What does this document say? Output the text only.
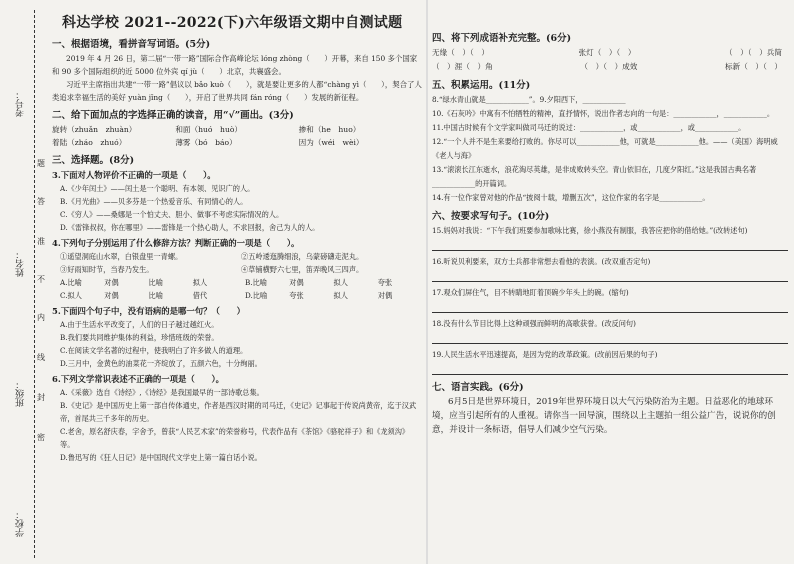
考号：
姓名：
班级：
学校：
题
答
准
不
内
线
封
密
科达学校 2021--2022(下)六年级语文期中自测试题
一、根据语境，看拼音写词语。(5分)

2019 年 4 月 26 日，第二届“一带一路”国际合作高峰论坛 lóng zhòng（　　）开幕，来自 150 多个国家和 90 多个国际组织的近 5000 位外宾 qí jù（　　）北京，共襄盛会。

习近平主席指出共建“一带一路”倡议以 bǎo kuò（　　），就是要让更多的人都“chàng yì（　　），契合了人类追求幸福生活的美好 yuàn jǐng（　　），开启了世界共同 fán róng（　　）发展的新征程。

二、给下面加点的字选择正确的读音，用“√”画出。(3分)
旋转（zhuǎn　zhuàn）	和面（huó　huò）	掺和（he　huo）
着陆（zháo　zhuó）	薄雾（bó　báo）	因为（wéi　wèi）
三、选择题。(8分)
3.下面对人物评价不正确的一项是（　　）。

A.《少年闰土》——闰土是一个聪明、有本领、见识广的人。

B.《月光曲》——贝多芬是一个热爱音乐、有同情心的人。

C.《穷人》——桑娜是一个怕丈夫、胆小、做事不考虑实际情况的人。

D.《雷锋叔叔，你在哪里》——雷锋是一个热心助人，不求回报，舍己为人的人。

4.下列句子分别运用了什么修辞方法？判断正确的一项是（　　）。
①遥望洞庭山水翠，白银盘里一青螺。	②五岭逶迤腾细浪，乌蒙磅礴走泥丸。
③好雨知时节，当春乃发生。	④草铺横野六七里，笛弄晚风三四声。
A.比喻	对偶	比喻	拟人	B.比喻	对偶	拟人	夸张
C.拟人	对偶	比喻	借代	D.比喻	夸张	拟人	对偶
5.下面四个句子中，没有语病的是哪一句？（　　）

A.由于生活水平改变了，人们的日子越过越红火。

B.我们要共同维护集体的利益，珍惜班级的荣誉。

C.在阅读文学名著的过程中，使我明白了许多做人的道理。

D.三月中，金黄色的油菜花一齐绽放了，五颜六色，十分绚丽。

6.下列文学常识表述不正确的一项是（　　）。

A.《采薇》选自《诗经》,《诗经》是我国最早的一部诗歌总集。

B.《史记》是中国历史上第一部自传体通史，作者是西汉时期的司马迁，《史记》记事起于传说尚黄帝，迄于汉武帝，首尾共三千多年的历史。

C.老舍，原名舒庆春，字舍予，曾获“人民艺术家”的荣誉称号，代表作品有《茶馆》《骆驼祥子》和《龙须沟》等。

D.鲁迅写的《狂人日记》是中国现代文学史上第一篇白话小说。

四、将下列成语补充完整。(6分)
无缘（　）（　）	张灯（　）（　）	（　）（　）兵简
（　）涯（　）角	（　）（　）成效	标新（　）（　）
五、积累运用。(11分)

8.“绿水青山就是____________”。9.夕阳西下，____________

10.《石灰吟》中寓有不怕牺牲的精神，直抒情怀，说出作者志向的一句是：____________，____________。

11.中国古时候有个文学家叫做司马迁的说过：____________，或____________，或____________。

12.“一个人并不是生来要给打败的。你尽可以____________他，可就是____________他。——（美国）海明威《老人与海》

13.“滚滚长江东逝水，浪花淘尽英雄，是非成败转头空。青山依旧在，几度夕阳红。”这是我国古典名著____________的开篇词。

14.有一位作家曾对他的作品“披阅十载，增删五次”，这位作家的名字是____________。

六、按要求写句子。(10分)

15.妈妈对我说：“下午我们班要参加歌咏比赛，徐小燕没有制服，我答应把你的借给她。”(改转述句)

16.听说贝利要来，双方士兵都非常想去看他的表演。(改双重否定句)

17.观众们屏住气，目不转睛地盯着顶碗少年头上的碗。(缩句)

18.没有什么节目比得上这种顽强而鲜明的高歌获誉。(改反问句)

19.人民生活水平迅速提高，是因为党的改革政策。(改前因后果的句子)

七、语言实践。(6分)

6月5日是世界环境日，2019年世界环境日以大气污染防治为主题。日益恶化的地球环境，应当引起所有的人重视。请你当一回导演，围绕以上主题拍一组公益广告，说说你的创意，并设计一条标语，倡导人们减少空气污染。
